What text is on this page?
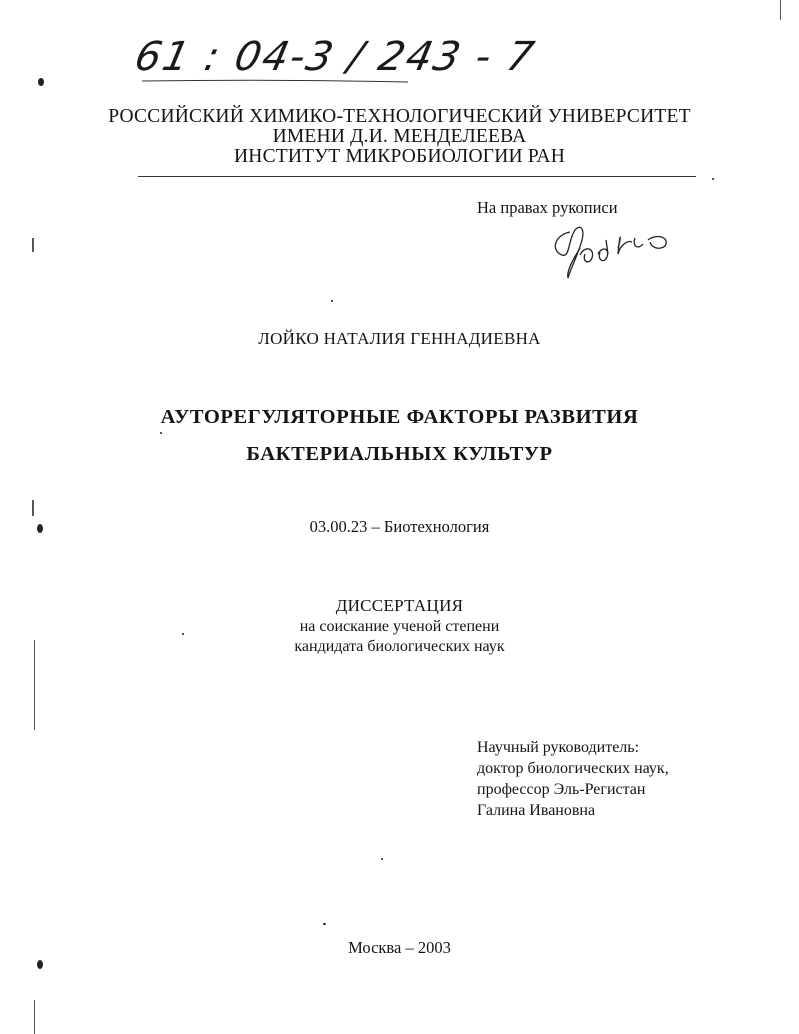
61 : 04-3 / 243 - 7
РОССИЙСКИЙ ХИМИКО-ТЕХНОЛОГИЧЕСКИЙ УНИВЕРСИТЕТ
ИМЕНИ Д.И. МЕНДЕЛЕЕВА
ИНСТИТУТ МИКРОБИОЛОГИИ РАН
На правах рукописи
ЛОЙКО НАТАЛИЯ ГЕННАДИЕВНА
АУТОРЕГУЛЯТОРНЫЕ ФАКТОРЫ РАЗВИТИЯ
БАКТЕРИАЛЬНЫХ КУЛЬТУР
03.00.23 – Биотехнология
ДИССЕРТАЦИЯ
на соискание ученой степени
кандидата биологических наук
Научный руководитель:
доктор биологических наук,
профессор Эль-Регистан
Галина Ивановна
Москва – 2003
